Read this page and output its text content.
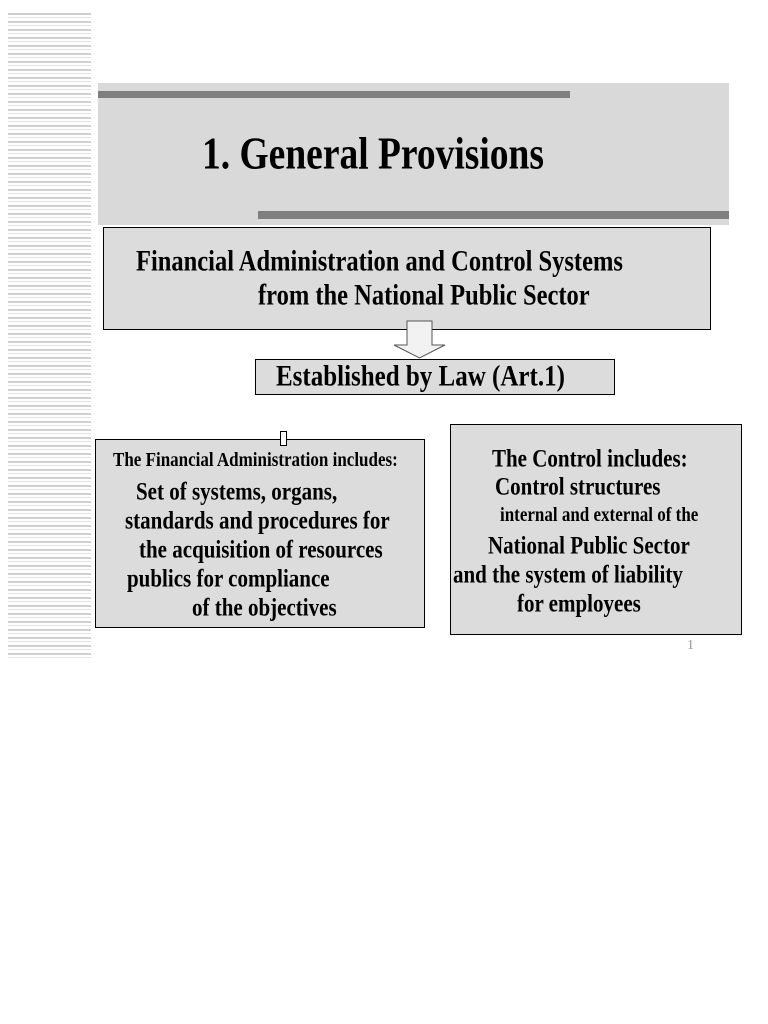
1. General Provisions
Financial Administration and Control Systems
from the National Public Sector
Established by Law (Art.1)
The Financial Administration includes:
Set of systems, organs,
standards and procedures for
the acquisition of resources
publics for compliance
of the objectives
The Control includes:
Control structures
internal and external of the
National Public Sector
and the system of liability
for employees
1
